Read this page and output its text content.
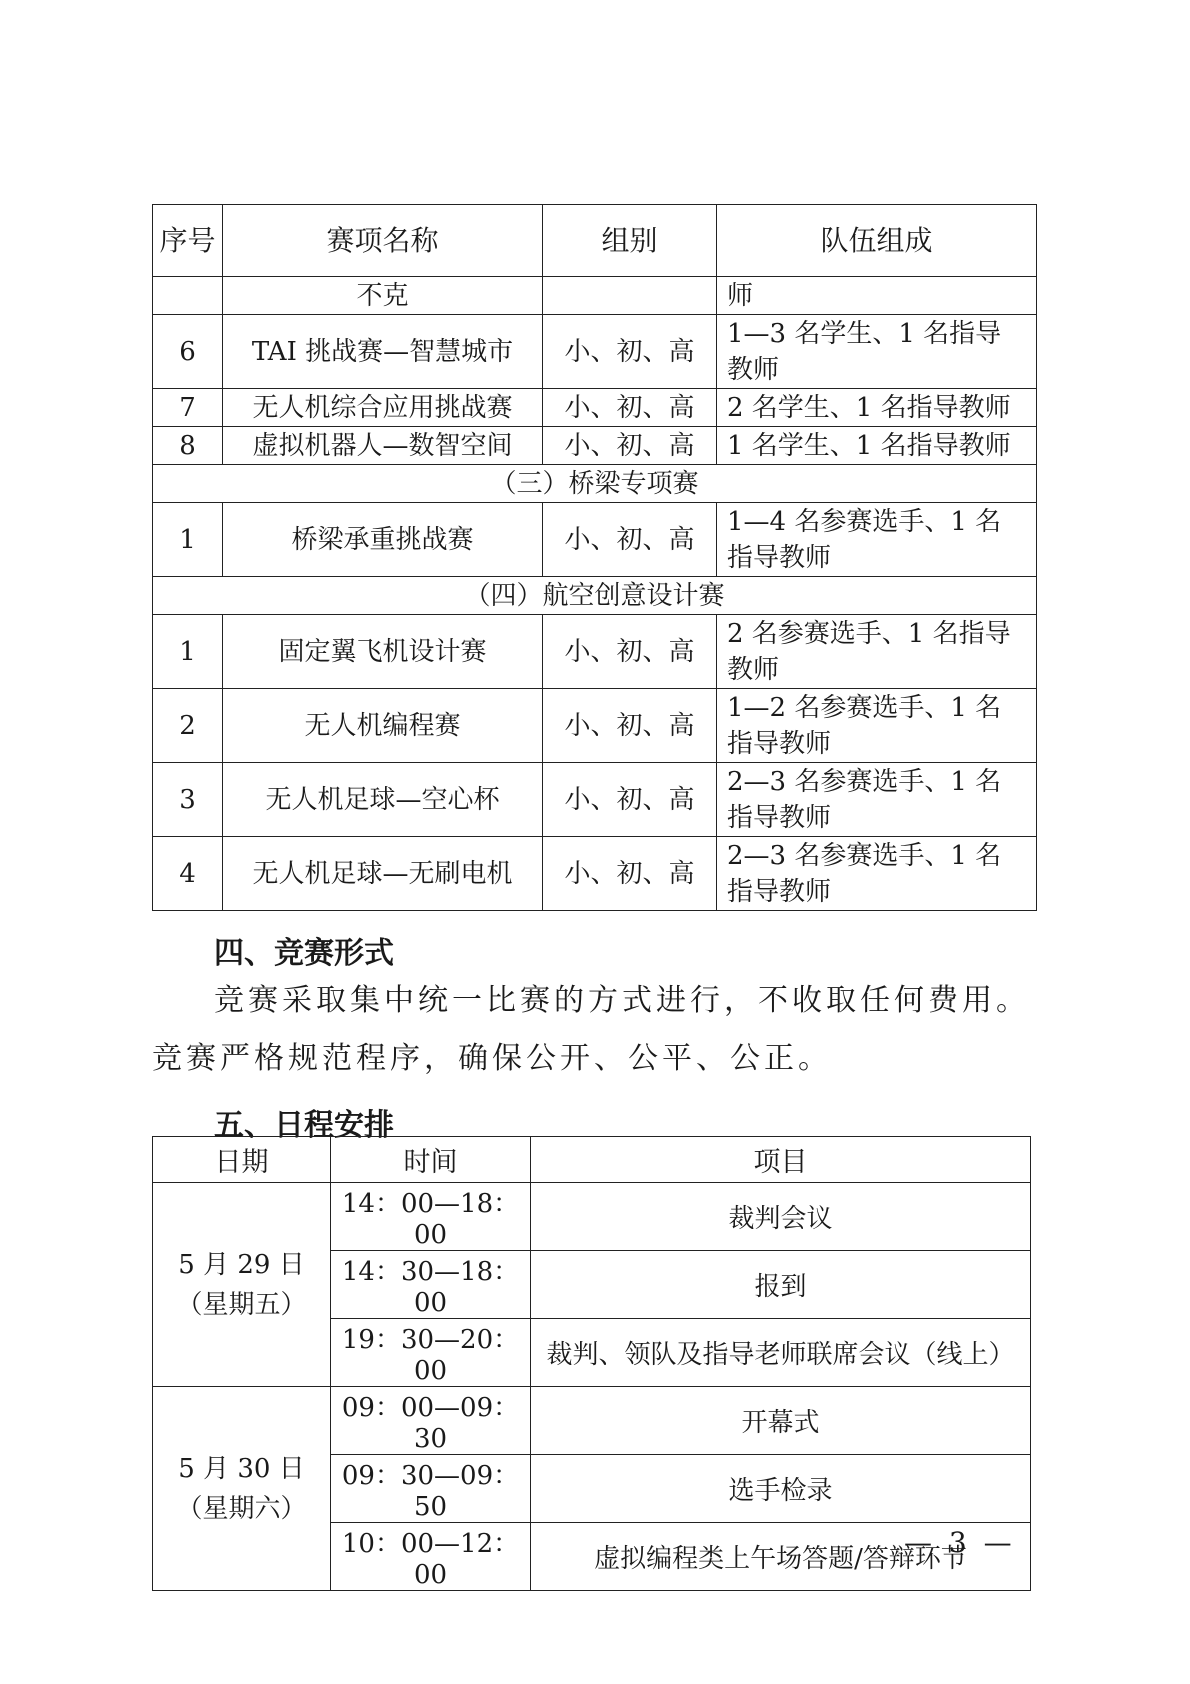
序号	赛项名称	组别	队伍组成
	不克		师
6	TAI 挑战赛—智慧城市	小、初、高	1—3 名学生、1 名指导教师
7	无人机综合应用挑战赛	小、初、高	2 名学生、1 名指导教师
8	虚拟机器人—数智空间	小、初、高	1 名学生、1 名指导教师
（三）桥梁专项赛			
1	桥梁承重挑战赛	小、初、高	1—4 名参赛选手、1 名指导教师
（四）航空创意设计赛			
1	固定翼飞机设计赛	小、初、高	2 名参赛选手、1 名指导教师
2	无人机编程赛	小、初、高	1—2 名参赛选手、1 名指导教师
3	无人机足球—空心杯	小、初、高	2—3 名参赛选手、1 名指导教师
4	无人机足球—无刷电机	小、初、高	2—3 名参赛选手、1 名指导教师
四、竞赛形式

竞赛采取集中统一比赛的方式进行，不收取任何费用。竞赛严格规范程序，确保公开、公平、公正。

五、日程安排
日期	时间	项目

5 月 29 日
（星期五）	14：00—18：00	裁判会议
	14：30—18：00	报到
	19：30—20：00	裁判、领队及指导老师联席会议（线上）

5 月 30 日
（星期六）	09：00—09：30	开幕式
	09：30—09：50	选手检录
	10：00—12：00	虚拟编程类上午场答题/答辩环节
— 3 —
